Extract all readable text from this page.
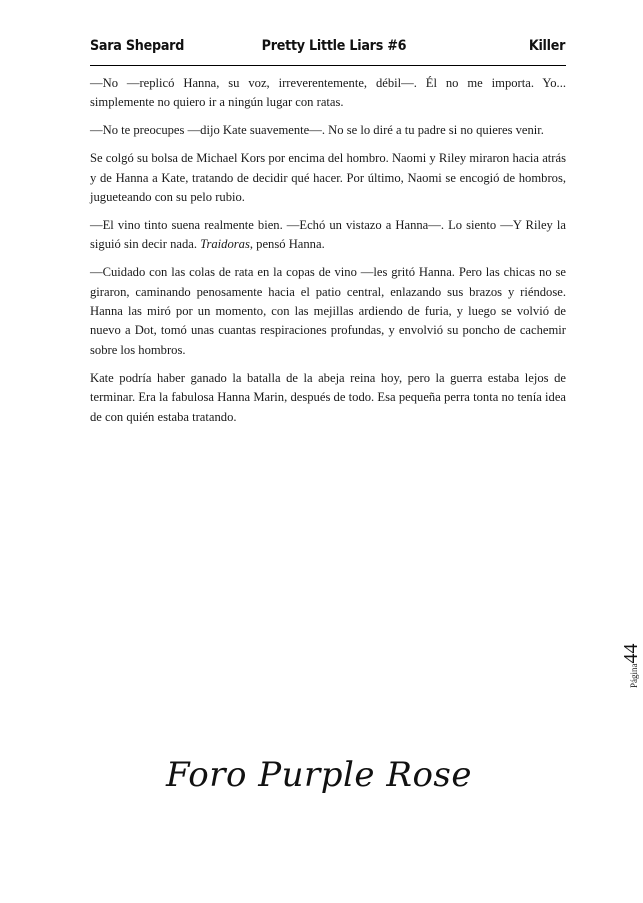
Sara Shepard	Pretty Little Liars #6	Killer

—No —replicó Hanna, su voz, irreverentemente, débil—. Él no me importa. Yo... simplemente no quiero ir a ningún lugar con ratas.

—No te preocupes —dijo Kate suavemente—. No se lo diré a tu padre si no quieres venir.

Se colgó su bolsa de Michael Kors por encima del hombro. Naomi y Riley miraron hacia atrás y de Hanna a Kate, tratando de decidir qué hacer. Por último, Naomi se encogió de hombros, jugueteando con su pelo rubio.

—El vino tinto suena realmente bien. —Echó un vistazo a Hanna—. Lo siento —Y Riley la siguió sin decir nada. Traidoras, pensó Hanna.

—Cuidado con las colas de rata en la copas de vino —les gritó Hanna. Pero las chicas no se giraron, caminando penosamente hacia el patio central, enlazando sus brazos y riéndose. Hanna las miró por un momento, con las mejillas ardiendo de furia, y luego se volvió de nuevo a Dot, tomó unas cuantas respiraciones profundas, y envolvió su poncho de cachemir sobre los hombros.

Kate podría haber ganado la batalla de la abeja reina hoy, pero la guerra estaba lejos de terminar. Era la fabulosa Hanna Marin, después de todo. Esa pequeña perra tonta no tenía idea de con quién estaba tratando.

Página44
Foro Purple Rose
